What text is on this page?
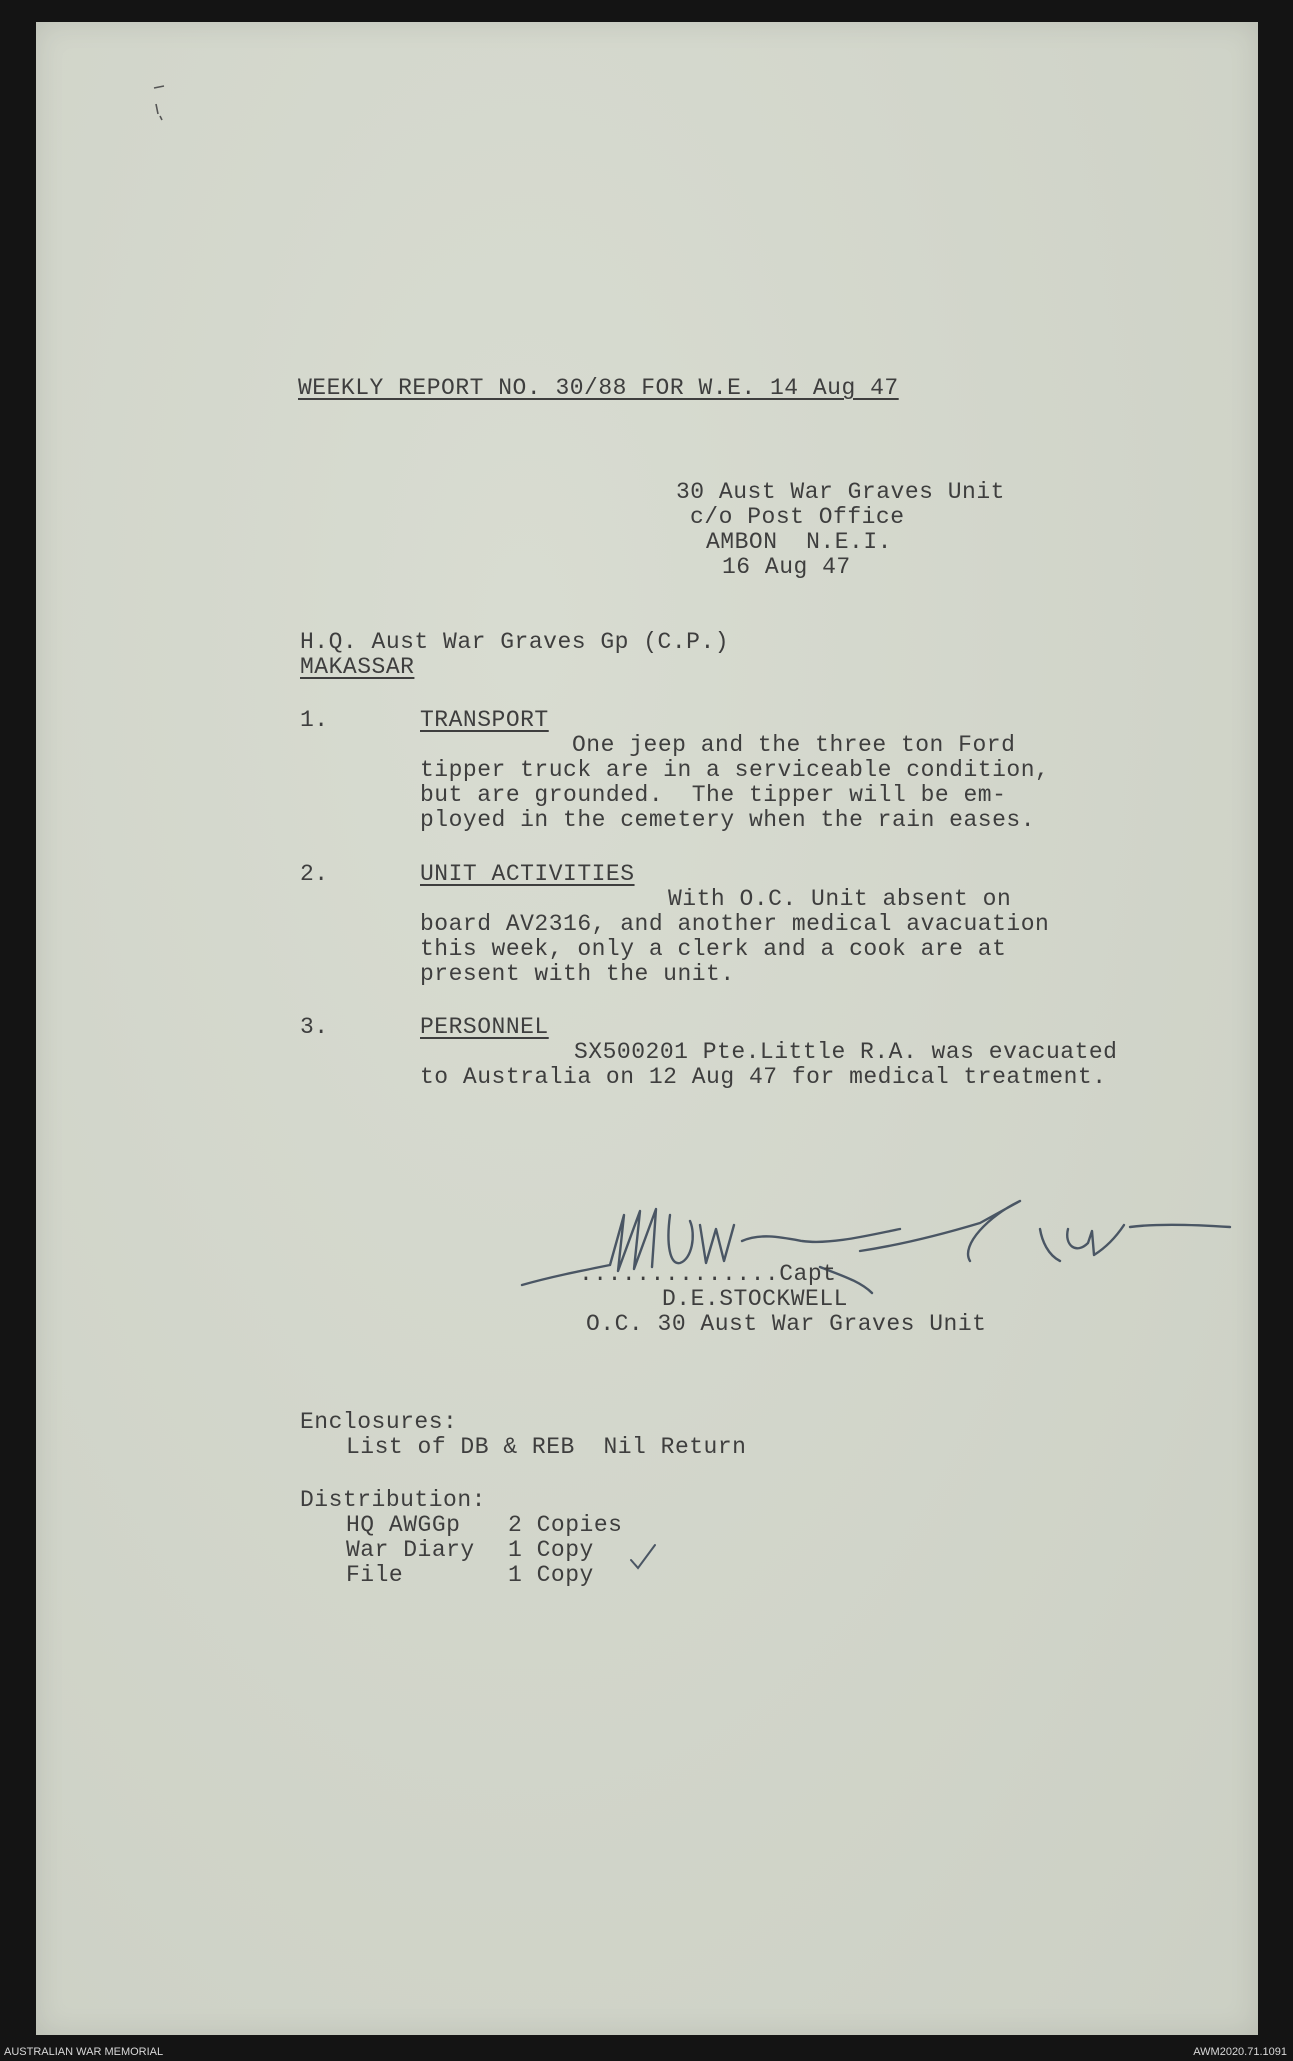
WEEKLY REPORT NO. 30/88 FOR W.E. 14 Aug 47
30 Aust War Graves Unit
c/o Post Office
AMBON  N.E.I.
16 Aug 47
H.Q. Aust War Graves Gp (C.P.)
MAKASSAR
1.	TRANSPORT
One jeep and the three ton Ford
tipper truck are in a serviceable condition,
but are grounded.  The tipper will be em-
ployed in the cemetery when the rain eases.
2.	UNIT ACTIVITIES
With O.C. Unit absent on
board AV2316, and another medical avacuation
this week, only a clerk and a cook are at
present with the unit.
3.	PERSONNEL
SX500201 Pte.Little R.A. was evacuated
to Australia on 12 Aug 47 for medical treatment.
..............Capt
D.E.STOCKWELL
O.C. 30 Aust War Graves Unit
Enclosures:
List of DB & REB  Nil Return
Distribution:
HQ AWGGp 2 Copies
War Diary 1 Copy
File	1 Copy
AUSTRALIAN WAR MEMORIAL	AWM2020.71.1091
